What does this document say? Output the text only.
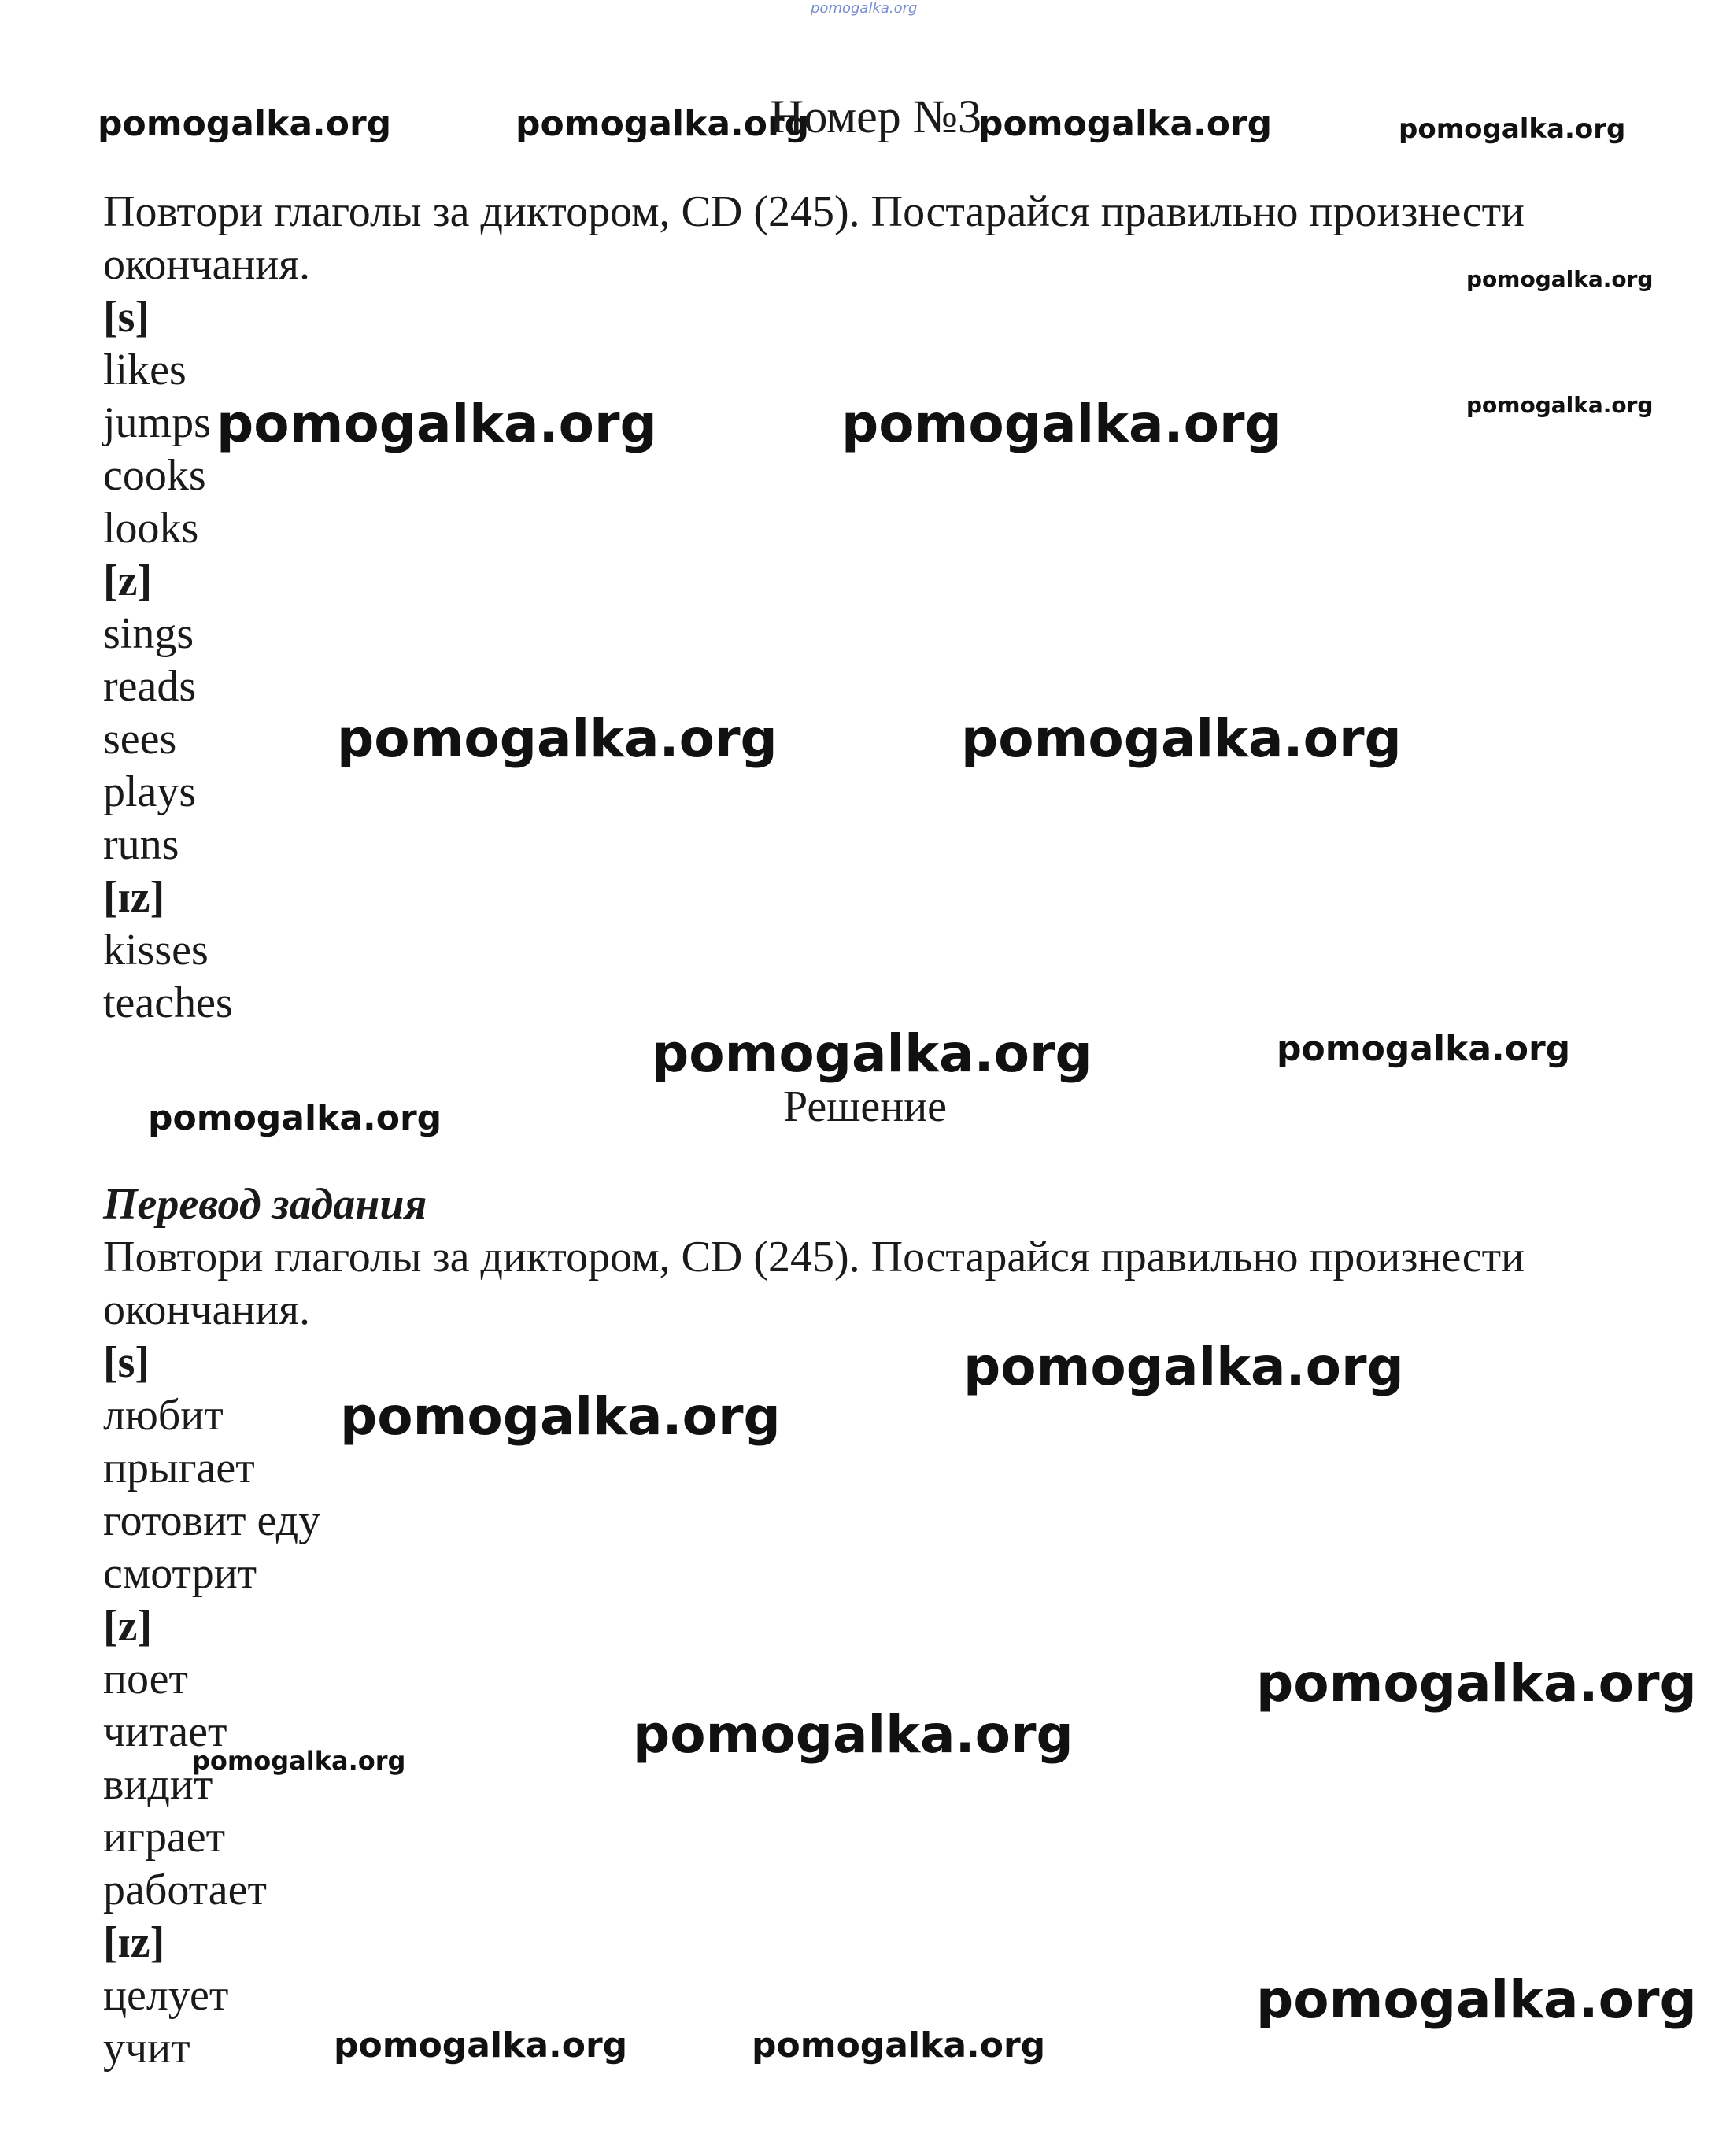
pomogalka.org
pomogalka.org	pomogalka.org
Номер №3
pomogalka.org	pomogalka.org

Повтори глаголы за диктором, CD (245). Постарайся правильно произнести окончания.

[s]

likes

jumps

cooks

looks

[z]

sings

reads

sees

plays

runs

[ɪz]

kisses

teaches

pomogalka.org
pomogalka.org
pomogalka.org	pomogalka.org
pomogalka.org	pomogalka.org
pomogalka.org	pomogalka.org
pomogalka.org	Решение

Перевод задания

Повтори глаголы за диктором, CD (245). Постарайся правильно произнести окончания.

[s]

любит

прыгает

готовит еду

смотрит

[z]

поет

читает

видит

играет

работает

[ɪz]

целует

учит

pomogalka.org
pomogalka.org
pomogalka.org
pomogalka.org
pomogalka.org
pomogalka.org
pomogalka.org	pomogalka.org
